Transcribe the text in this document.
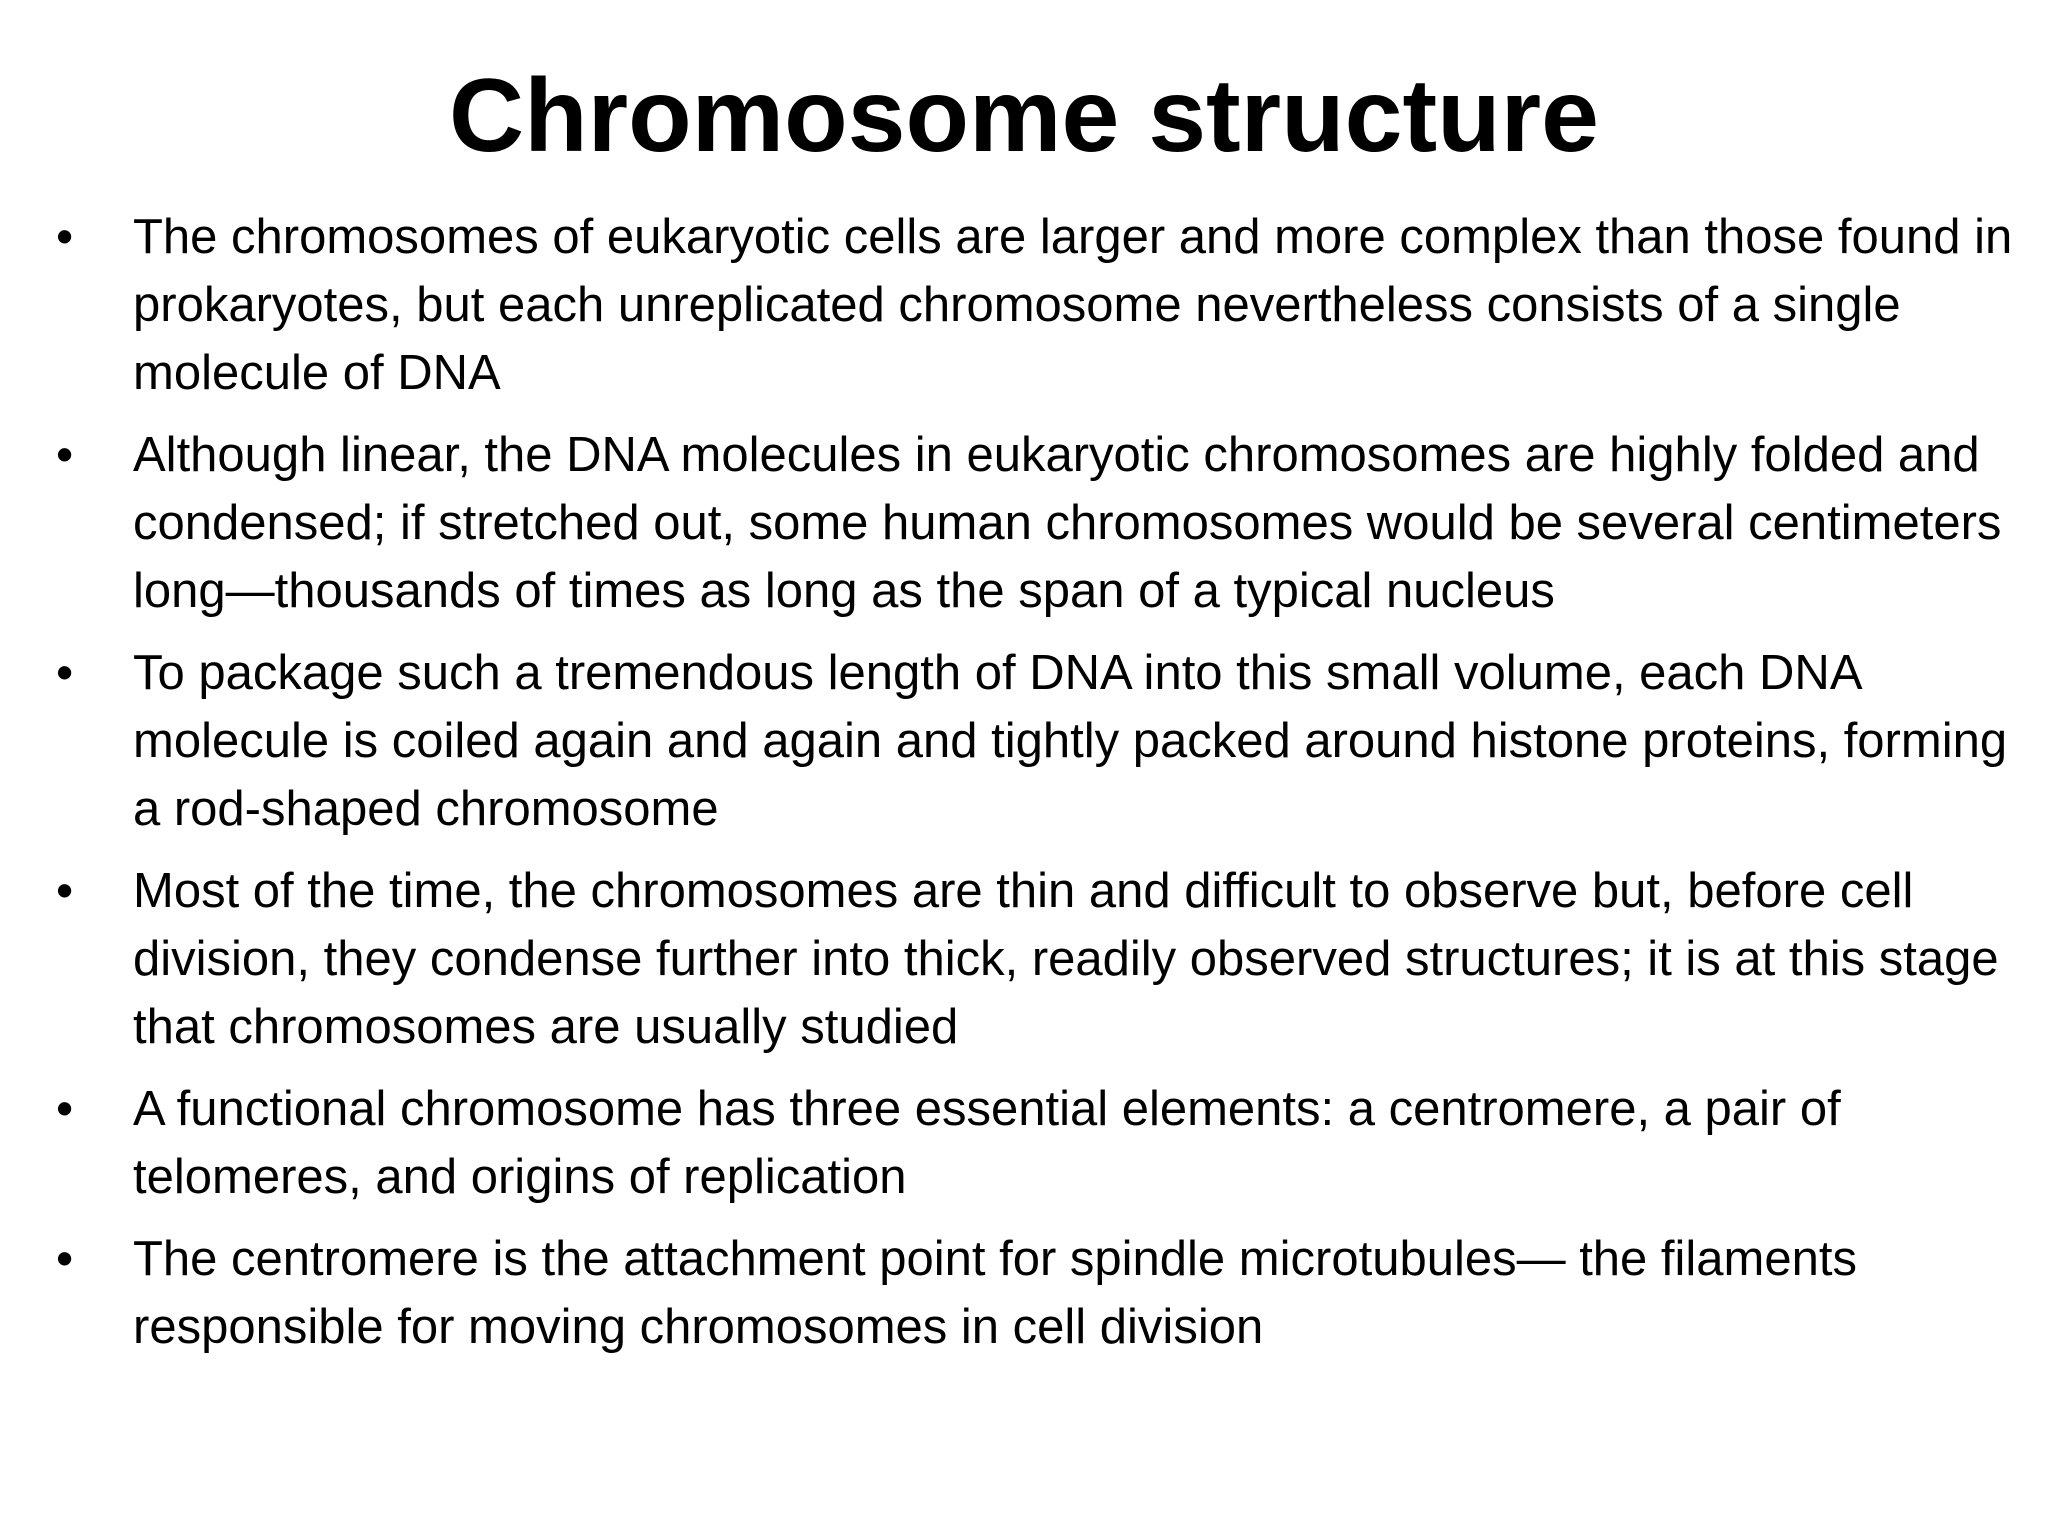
Chromosome structure
•	The chromosomes of eukaryotic cells are larger and more complex than those found in prokaryotes, but each unreplicated chromosome nevertheless consists of a single molecule of DNA
•	Although linear, the DNA molecules in eukaryotic chromosomes are highly folded and condensed; if stretched out, some human chromosomes would be several centimeters long—thousands of times as long as the span of a typical nucleus
•	To package such a tremendous length of DNA into this small volume, each DNA molecule is coiled again and again and tightly packed around histone proteins, forming a rod-shaped chromosome
•	Most of the time, the chromosomes are thin and difficult to observe but, before cell division, they condense further into thick, readily observed structures; it is at this stage that chromosomes are usually studied
•	A functional chromosome has three essential elements: a centromere, a pair of telomeres, and origins of replication
•	The centromere is the attachment point for spindle microtubules— the filaments responsible for moving chromosomes in cell division
